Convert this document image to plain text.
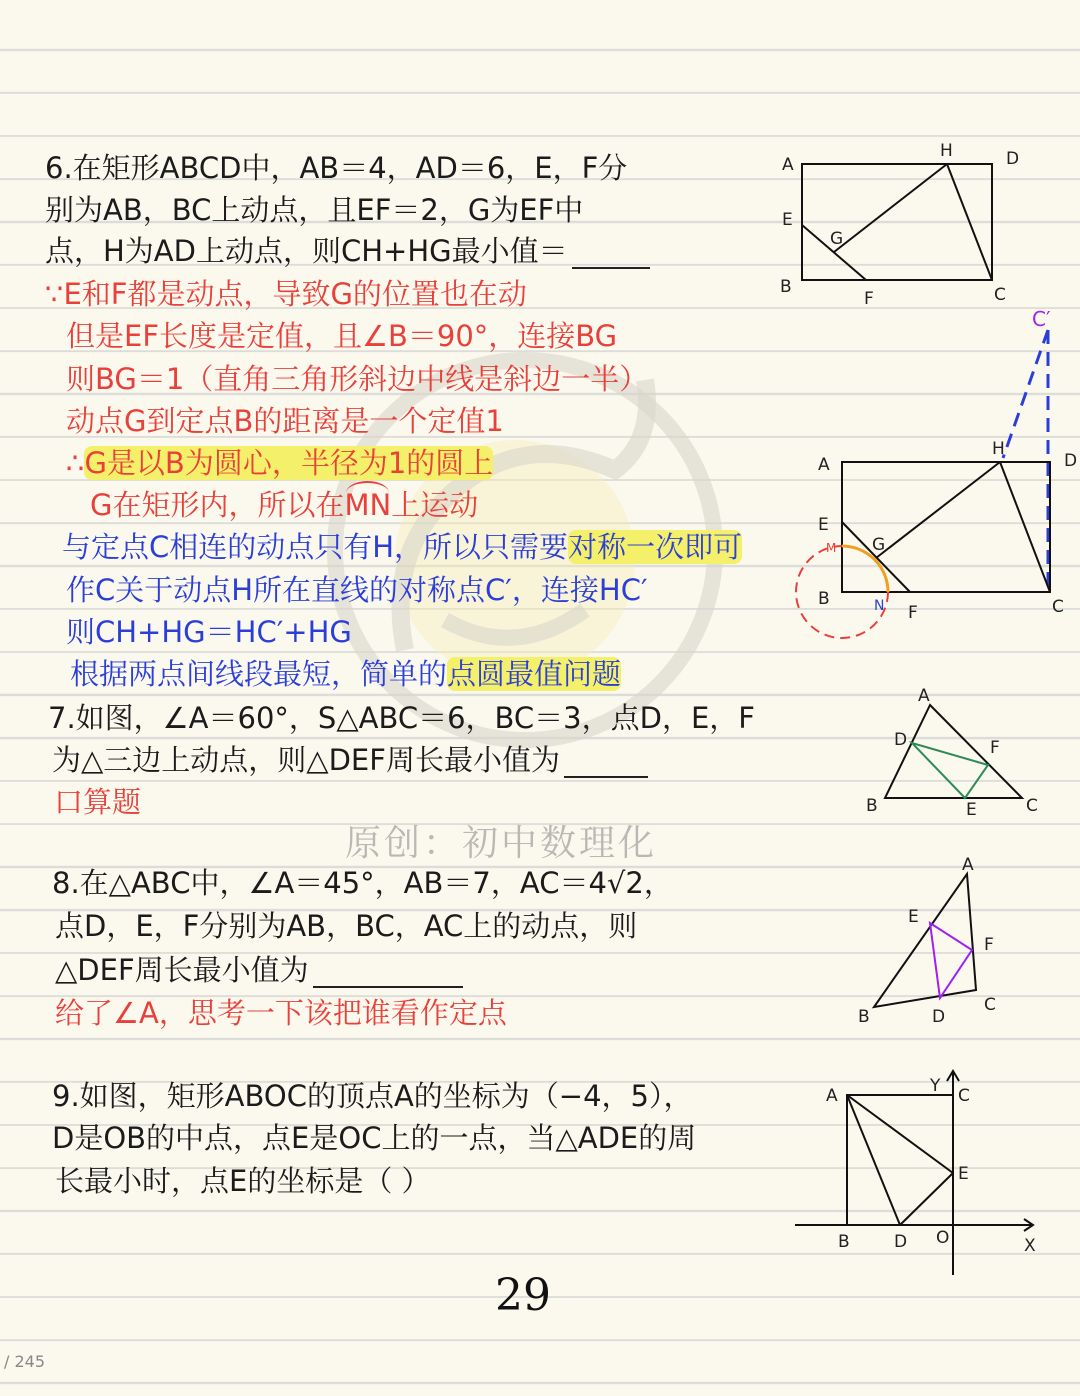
6.在矩形ABCD中，AB＝4，AD＝6，E，F分
别为AB，BC上动点，且EF＝2，G为EF中
点，H为AD上动点，则CH+HG最小值＝
∵E和F都是动点，导致G的位置也在动
但是EF长度是定值，且∠B＝90°，连接BG
则BG＝1（直角三角形斜边中线是斜边一半）
动点G到定点B的距离是一个定值1
∴G是以B为圆心，半径为1的圆上
G在矩形内，所以在MN上运动
与定点C相连的动点只有H，所以只需要对称一次即可
作C关于动点H所在直线的对称点C′，连接HC′
则CH+HG＝HC′+HG
根据两点间线段最短，简单的点圆最值问题
A
H	D
E
G
B
F	C
C′
A
H
D
E
M G
B	N F	C
7.如图，∠A＝60°，S△ABC＝6，BC＝3，点D，E，F
为△三边上动点，则△DEF周长最小值为
口算题
A
D	F
B	E	C
原创：初中数理化
8.在△ABC中，∠A＝45°，AB＝7，AC＝4√2，
点D，E，F分别为AB，BC，AC上的动点，则
△DEF周长最小值为
给了∠A，思考一下该把谁看作定点
A
E
F
B	D
C
9.如图，矩形ABOC的顶点A的坐标为（−4，5），
D是OB的中点，点E是OC上的一点，当△ADE的周
长最小时，点E的坐标是（ ）
A	Y C
E
B	D O	X
29
/ 245
